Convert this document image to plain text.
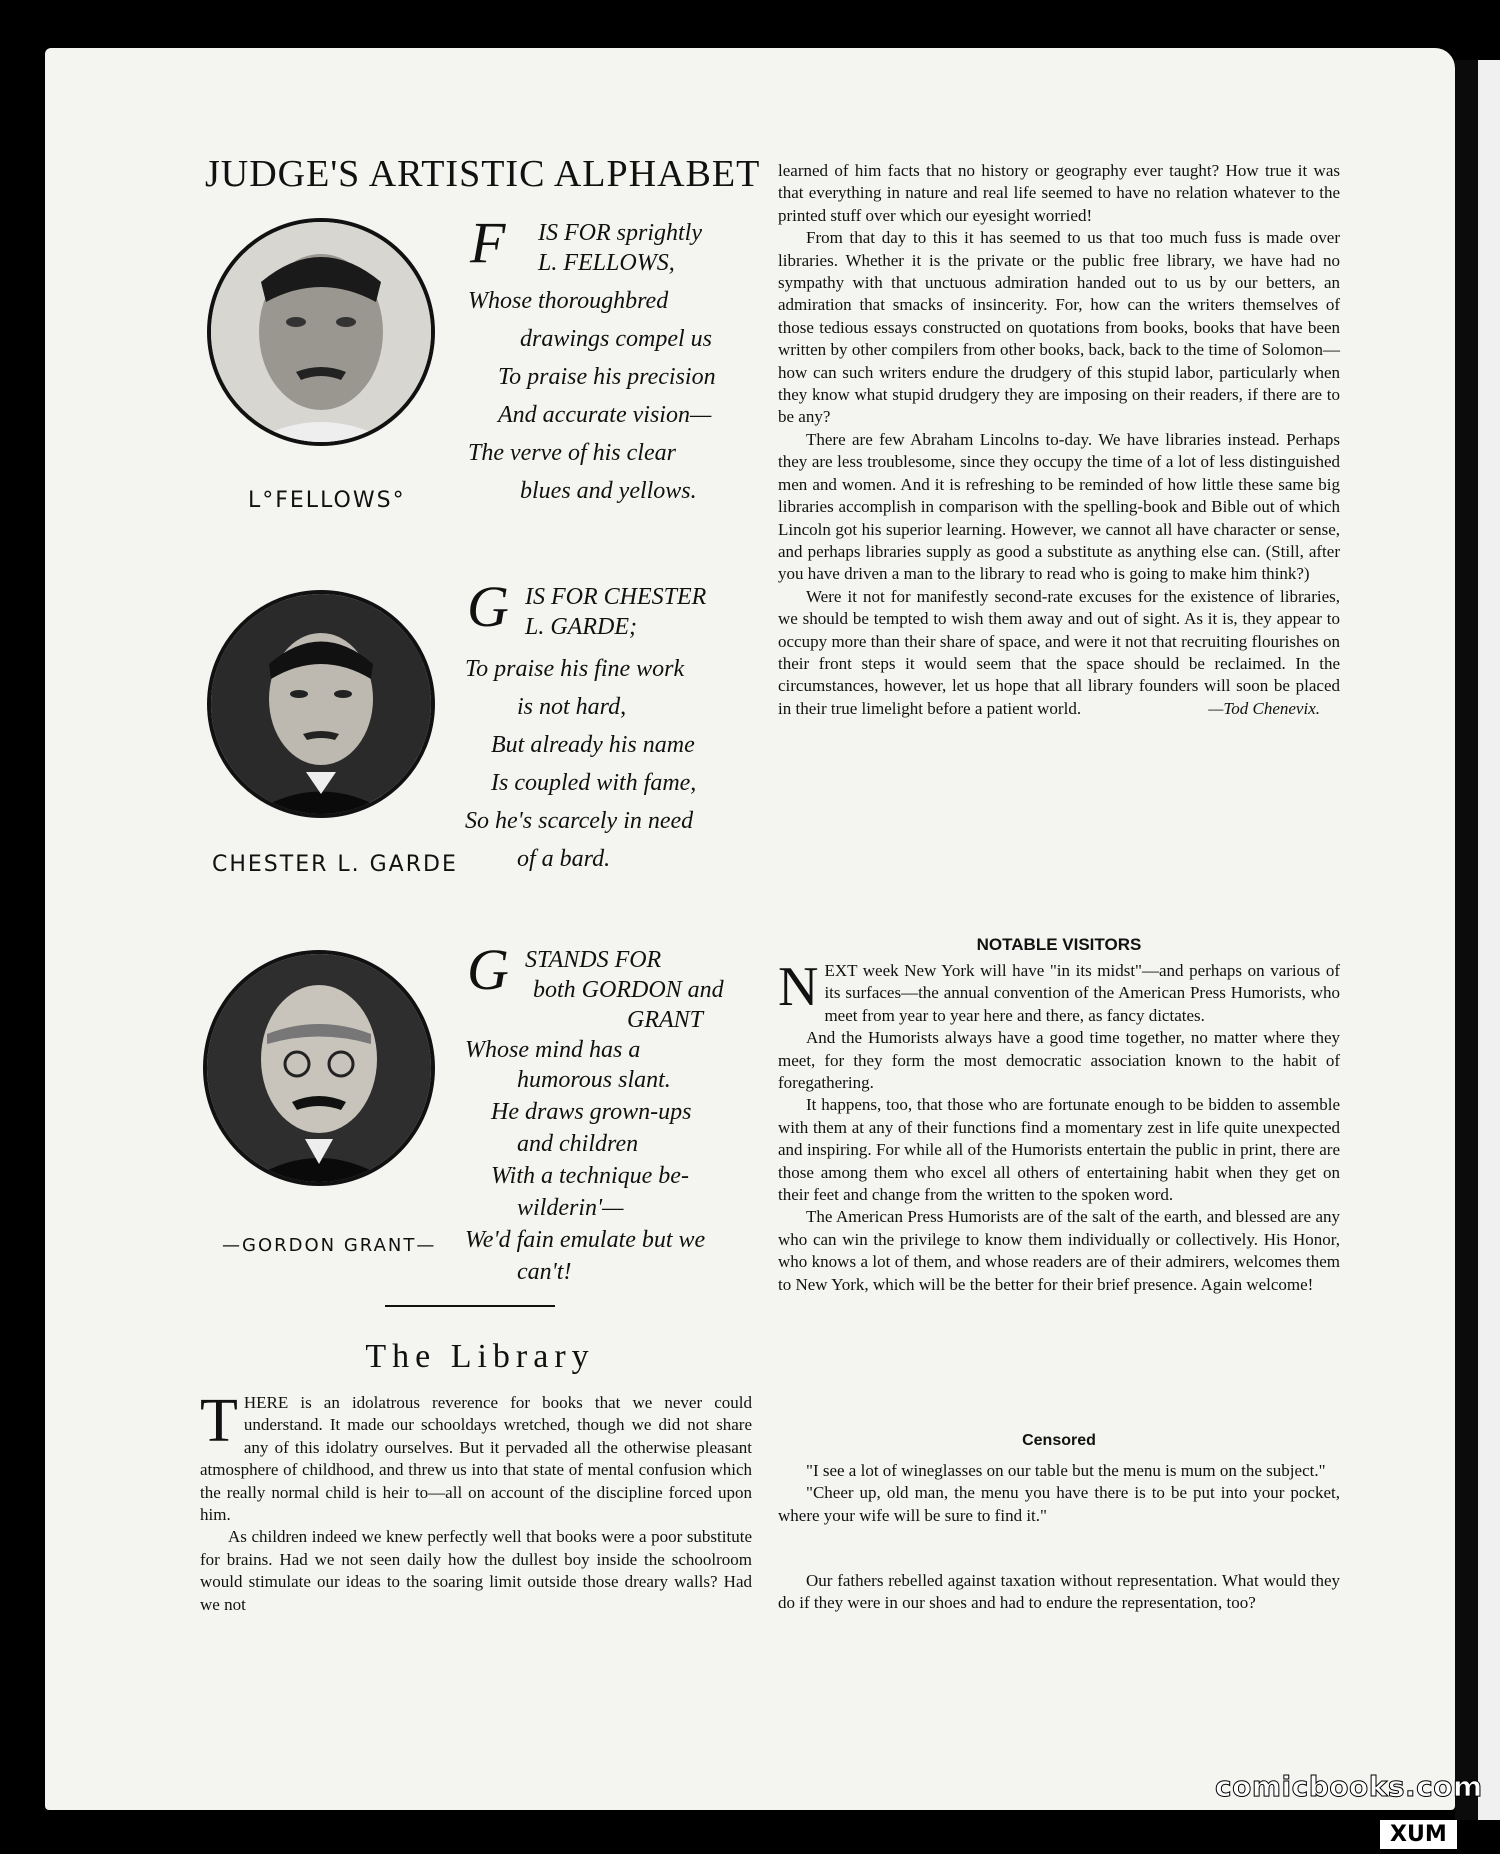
JUDGE'S ARTISTIC ALPHABET
L°FELLOWS°
F	IS FOR sprightly
L. FELLOWS,
Whose thoroughbred
drawings compel us
To praise his precision
And accurate vision—
The verve of his clear
blues and yellows.
CHESTER L. GARDE
G IS FOR CHESTER
L. GARDE;
To praise his fine work
is not hard,
But already his name
Is coupled with fame,
So he's scarcely in need
of a bard.
—GORDON GRANT—
G STANDS FOR
both GORDON and
GRANT
Whose mind has a
humorous slant.
He draws grown-ups
and children
With a technique be-
wilderin'—
We'd fain emulate but we
can't!
The Library

THERE is an idolatrous reverence for books that we never could understand. It made our schooldays wretched, though we did not share any of this idolatry ourselves. But it pervaded all the otherwise pleasant atmosphere of childhood, and threw us into that state of mental confusion which the really normal child is heir to—all on account of the discipline forced upon him.

As children indeed we knew perfectly well that books were a poor substitute for brains. Had we not seen daily how the dullest boy inside the schoolroom would stimulate our ideas to the soaring limit outside those dreary walls? Had we not

learned of him facts that no history or geography ever taught? How true it was that everything in nature and real life seemed to have no relation whatever to the printed stuff over which our eyesight worried!

From that day to this it has seemed to us that too much fuss is made over libraries. Whether it is the private or the public free library, we have had no sympathy with that unctuous admiration handed out to us by our betters, an admiration that smacks of insincerity. For, how can the writers themselves of those tedious essays constructed on quotations from books, books that have been written by other compilers from other books, back, back to the time of Solomon—how can such writers endure the drudgery of this stupid labor, particularly when they know what stupid drudgery they are imposing on their readers, if there are to be any?

There are few Abraham Lincolns to-day. We have libraries instead. Perhaps they are less troublesome, since they occupy the time of a lot of less distinguished men and women. And it is refreshing to be reminded of how little these same big libraries accomplish in comparison with the spelling-book and Bible out of which Lincoln got his superior learning. However, we cannot all have character or sense, and perhaps libraries supply as good a substitute as anything else can. (Still, after you have driven a man to the library to read who is going to make him think?)

Were it not for manifestly second-rate excuses for the existence of libraries, we should be tempted to wish them away and out of sight. As it is, they appear to occupy more than their share of space, and were it not that recruiting flourishes on their front steps it would seem that the space should be reclaimed. In the circumstances, however, let us hope that all library founders will soon be placed in their true limelight before a patient world.	—Tod Chenevix.
NOTABLE VISITORS

NEXT week New York will have "in its midst"—and perhaps on various of its surfaces—the annual convention of the American Press Humorists, who meet from year to year here and there, as fancy dictates.

And the Humorists always have a good time together, no matter where they meet, for they form the most democratic association known to the habit of foregathering.

It happens, too, that those who are fortunate enough to be bidden to assemble with them at any of their functions find a momentary zest in life quite unexpected and inspiring. For while all of the Humorists entertain the public in print, there are those among them who excel all others of entertaining habit when they get on their feet and change from the written to the spoken word.

The American Press Humorists are of the salt of the earth, and blessed are any who can win the privilege to know them individually or collectively. His Honor, who knows a lot of them, and whose readers are of their admirers, welcomes them to New York, which will be the better for their brief presence. Again welcome!

Censored

"I see a lot of wineglasses on our table but the menu is mum on the subject."

"Cheer up, old man, the menu you have there is to be put into your pocket, where your wife will be sure to find it."

Our fathers rebelled against taxation without representation. What would they do if they were in our shoes and had to endure the representation, too?

comicbooks.com
XUM
